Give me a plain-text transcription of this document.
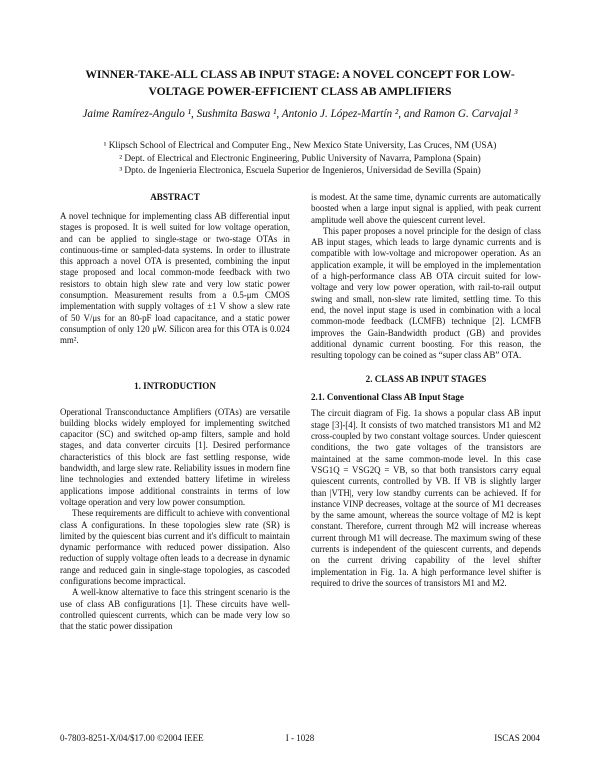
WINNER-TAKE-ALL CLASS AB INPUT STAGE: A NOVEL CONCEPT FOR LOW-VOLTAGE POWER-EFFICIENT CLASS AB AMPLIFIERS
Jaime Ramírez-Angulo ¹, Sushmita Baswa ¹, Antonio J. López-Martín ², and Ramon G. Carvajal ³
¹ Klipsch School of Electrical and Computer Eng., New Mexico State University, Las Cruces, NM (USA)
² Dept. of Electrical and Electronic Engineering, Public University of Navarra, Pamplona (Spain)
³ Dpto. de Ingenieria Electronica, Escuela Superior de Ingenieros, Universidad de Sevilla (Spain)

ABSTRACT

A novel technique for implementing class AB differential input stages is proposed. It is well suited for low voltage operation, and can be applied to single-stage or two-stage OTAs in continuous-time or sampled-data systems. In order to illustrate this approach a novel OTA is presented, combining the input stage proposed and local common-mode feedback with two resistors to obtain high slew rate and very low static power consumption. Measurement results from a 0.5-μm CMOS implementation with supply voltages of ±1 V show a slew rate of 50 V/μs for an 80-pF load capacitance, and a static power consumption of only 120 μW. Silicon area for this OTA is 0.024 mm².

1. INTRODUCTION

Operational Transconductance Amplifiers (OTAs) are versatile building blocks widely employed for implementing switched capacitor (SC) and switched op-amp filters, sample and hold stages, and data converter circuits [1]. Desired performance characteristics of this block are fast settling response, wide bandwidth, and large slew rate. Reliability issues in modern fine line technologies and extended battery lifetime in wireless applications impose additional constraints in terms of low voltage operation and very low power consumption.

These requirements are difficult to achieve with conventional class A configurations. In these topologies slew rate (SR) is limited by the quiescent bias current and it's difficult to maintain dynamic performance with reduced power dissipation. Also reduction of supply voltage often leads to a decrease in dynamic range and reduced gain in single-stage topologies, as cascoded configurations become impractical.

A well-know alternative to face this stringent scenario is the use of class AB configurations [1]. These circuits have well-controlled quiescent currents, which can be made very low so that the static power dissipation

is modest. At the same time, dynamic currents are automatically boosted when a large input signal is applied, with peak current amplitude well above the quiescent current level.

This paper proposes a novel principle for the design of class AB input stages, which leads to large dynamic currents and is compatible with low-voltage and micropower operation. As an application example, it will be employed in the implementation of a high-performance class AB OTA circuit suited for low-voltage and very low power operation, with rail-to-rail output swing and small, non-slew rate limited, settling time. To this end, the novel input stage is used in combination with a local common-mode feedback (LCMFB) technique [2]. LCMFB improves the Gain-Bandwidth product (GB) and provides additional dynamic current boosting. For this reason, the resulting topology can be coined as “super class AB” OTA.

2. CLASS AB INPUT STAGES

2.1. Conventional Class AB Input Stage

The circuit diagram of Fig. 1a shows a popular class AB input stage [3]-[4]. It consists of two matched transistors M1 and M2 cross-coupled by two constant voltage sources. Under quiescent conditions, the two gate voltages of the transistors are maintained at the same common-mode level. In this case VSG1Q = VSG2Q = VB, so that both transistors carry equal quiescent currents, controlled by VB. If VB is slightly larger than |VTH|, very low standby currents can be achieved. If for instance VINP decreases, voltage at the source of M1 decreases by the same amount, whereas the source voltage of M2 is kept constant. Therefore, current through M2 will increase whereas current through M1 will decrease. The maximum swing of these currents is independent of the quiescent currents, and depends on the current driving capability of the level shifter implementation in Fig. 1a. A high performance level shifter is required to drive the sources of transistors M1 and M2.

0-7803-8251-X/04/$17.00 ©2004 IEEE	I - 1028	ISCAS 2004
